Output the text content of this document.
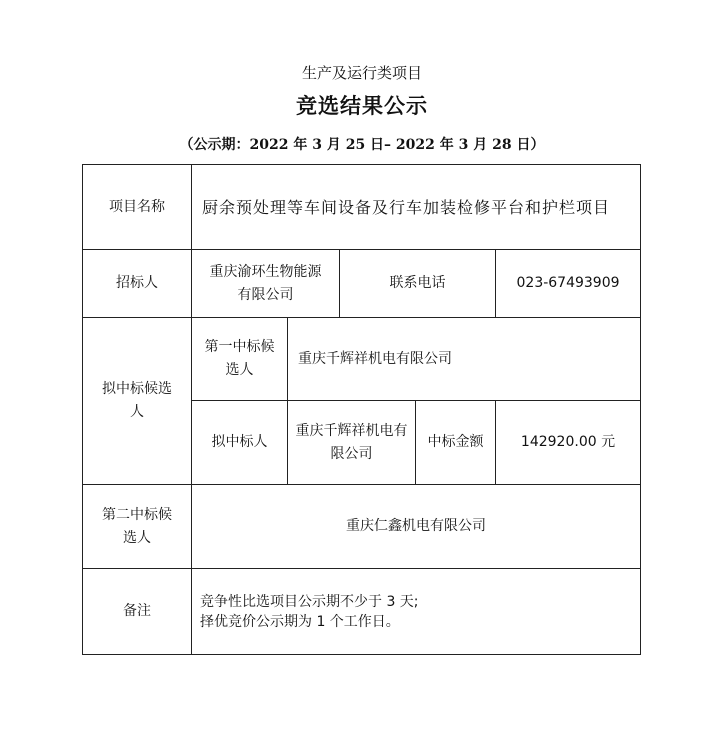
生产及运行类项目
竞选结果公示
（公示期：2022 年 3 月 25 日– 2022 年 3 月 28 日）
项目名称	厨余预处理等车间设备及行车加装检修平台和护栏项目				
招标人	重庆渝环生物能源有限公司		联系电话		023-67493909
拟中标候选人	第一中标候选人	重庆千辉祥机电有限公司			
	拟中标人	重庆千辉祥机电有限公司		中标金额	142920.00 元
第二中标候选人	重庆仁鑫机电有限公司				
备注	竞争性比选项目公示期不少于 3 天;
择优竞价公示期为 1 个工作日。				
